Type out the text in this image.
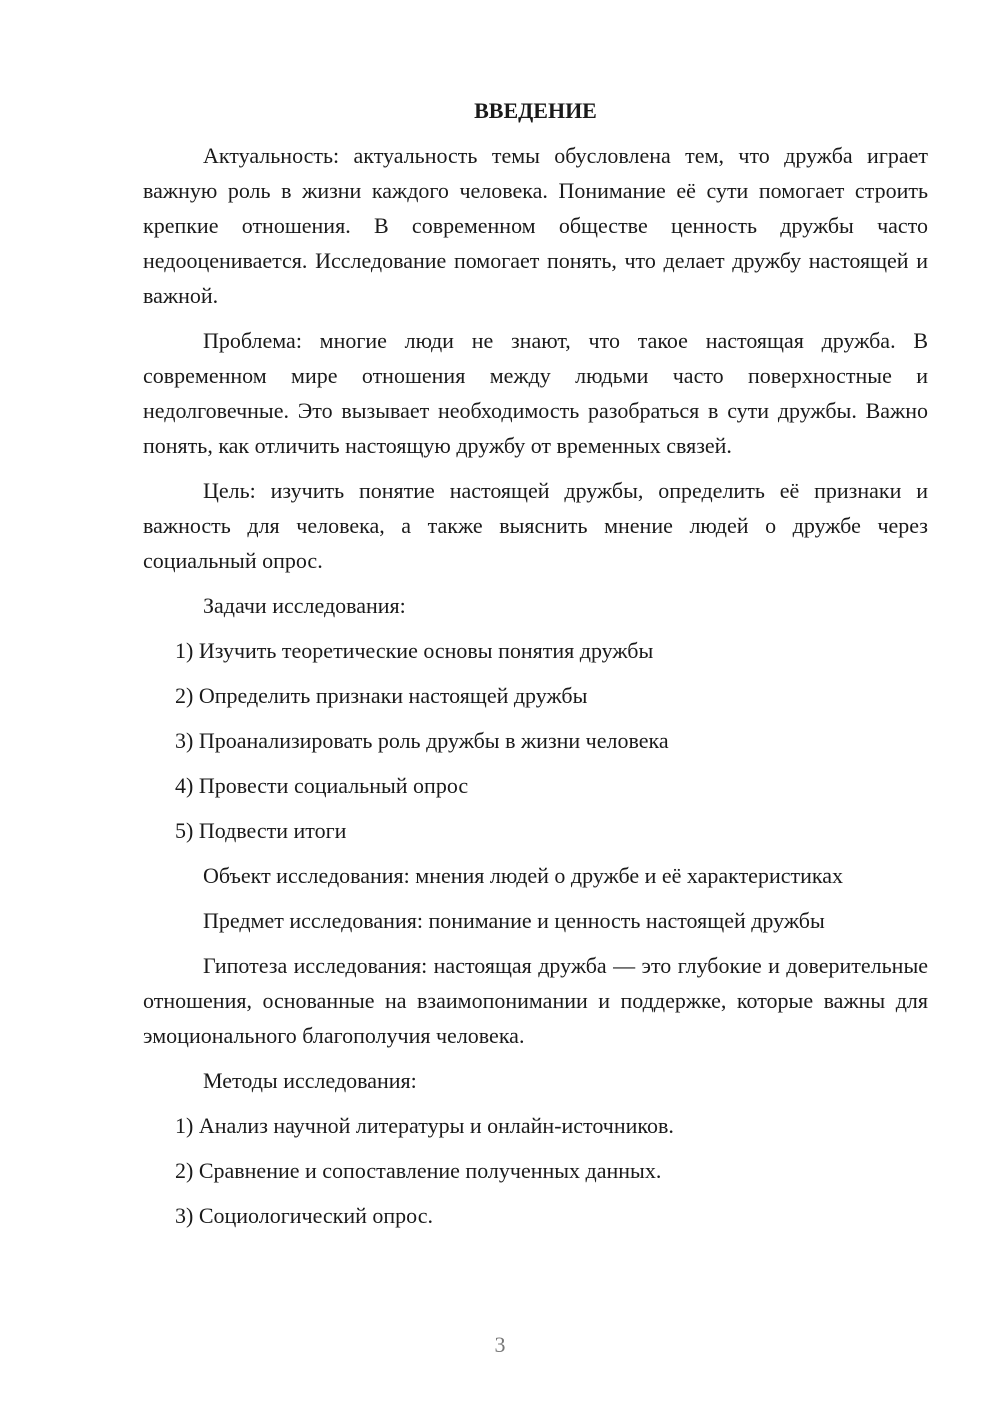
ВВЕДЕНИЕ

Актуальность: актуальность темы обусловлена тем, что дружба играет важную роль в жизни каждого человека. Понимание её сути помогает строить крепкие отношения. В современном обществе ценность дружбы часто недооценивается. Исследование помогает понять, что делает дружбу настоящей и важной.

Проблема: многие люди не знают, что такое настоящая дружба. В современном мире отношения между людьми часто поверхностные и недолговечные. Это вызывает необходимость разобраться в сути дружбы. Важно понять, как отличить настоящую дружбу от временных связей.

Цель: изучить понятие настоящей дружбы, определить её признаки и важность для человека, а также выяснить мнение людей о дружбе через социальный опрос.

Задачи исследования:

1) Изучить теоретические основы понятия дружбы
2) Определить признаки настоящей дружбы
3) Проанализировать роль дружбы в жизни человека
4) Провести социальный опрос
5) Подвести итоги

Объект исследования: мнения людей о дружбе и её характеристиках

Предмет исследования: понимание и ценность настоящей дружбы

Гипотеза исследования: настоящая дружба — это глубокие и доверительные отношения, основанные на взаимопонимании и поддержке, которые важны для эмоционального благополучия человека.

Методы исследования:

1) Анализ научной литературы и онлайн-источников.
2) Сравнение и сопоставление полученных данных.
3) Социологический опрос.
3
